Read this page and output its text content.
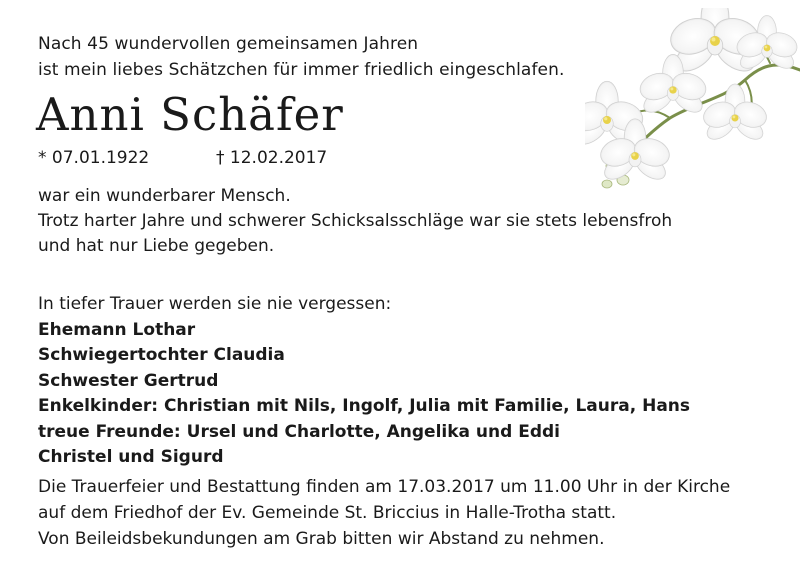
Nach 45 wundervollen gemeinsamen Jahren
ist mein liebes Schätzchen für immer friedlich eingeschlafen.
Anni Schäfer
* 07.01.1922	† 12.02.2017
war ein wunderbarer Mensch.
Trotz harter Jahre und schwerer Schicksalsschläge war sie stets lebensfroh
und hat nur Liebe gegeben.
In tiefer Trauer werden sie nie vergessen:
Ehemann Lothar
Schwiegertochter Claudia
Schwester Gertrud
Enkelkinder: Christian mit Nils, Ingolf, Julia mit Familie, Laura, Hans
treue Freunde: Ursel und Charlotte, Angelika und Eddi
Christel und Sigurd
Die Trauerfeier und Bestattung finden am 17.03.2017 um 11.00 Uhr in der Kirche
auf dem Friedhof der Ev. Gemeinde St. Briccius in Halle-Trotha statt.
Von Beileidsbekundungen am Grab bitten wir Abstand zu nehmen.
